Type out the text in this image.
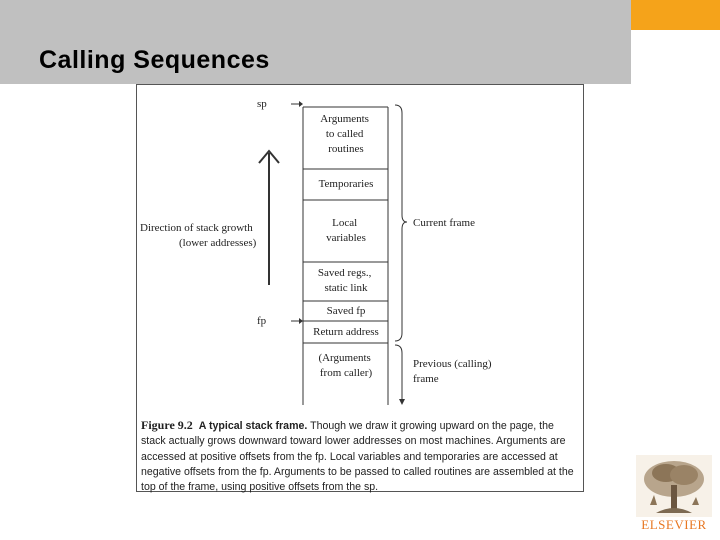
Calling Sequences
Arguments to called routines
Temporaries
Local variables
Saved regs., static link
Saved fp
Return address
(Arguments from caller)
sp
fp
Direction of stack growth (lower addresses)
Current frame
Previous (calling) frame

Figure 9.2 A typical stack frame. Though we draw it growing upward on the page, the stack actually grows downward toward lower addresses on most machines. Arguments are accessed at positive offsets from the fp. Local variables and temporaries are accessed at negative offsets from the fp. Arguments to be passed to called routines are assembled at the top of the frame, using positive offsets from the sp.

ELSEVIER
